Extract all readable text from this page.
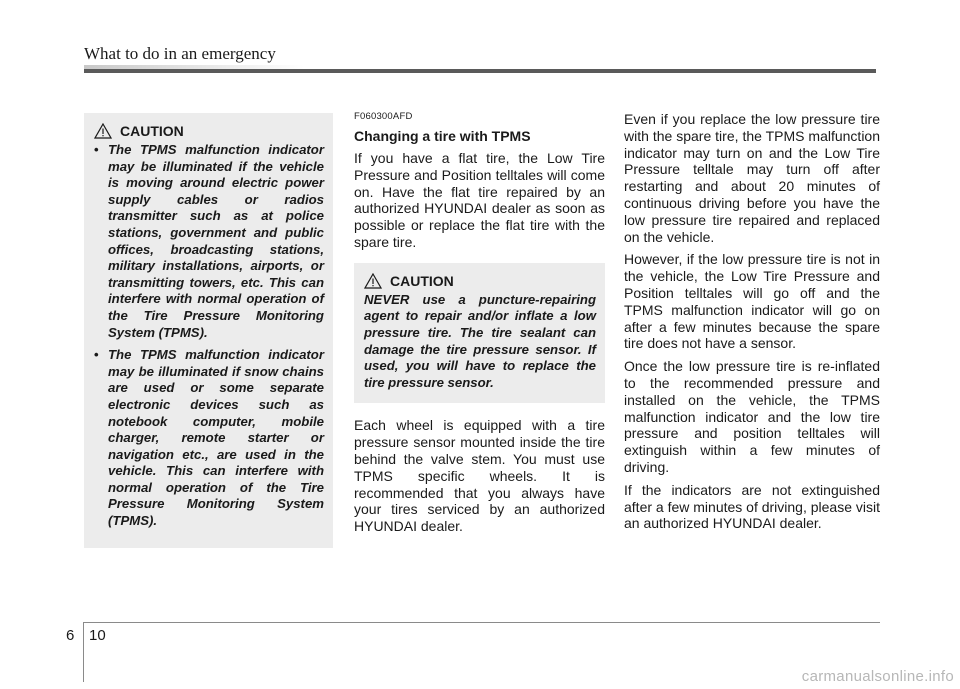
What to do in an emergency
CAUTION
• The TPMS malfunction indicator may be illuminated if the vehicle is moving around electric power supply cables or radios transmitter such as at police stations, government and public offices, broadcasting stations, military installations, airports, or transmitting towers, etc. This can interfere with normal operation of the Tire Pressure Monitoring System (TPMS).
• The TPMS malfunction indicator may be illuminated if snow chains are used or some separate electronic devices such as notebook computer, mobile charger, remote starter or navigation etc., are used in the vehicle. This can interfere with normal operation of the Tire Pressure Monitoring System (TPMS).
F060300AFD
Changing a tire with TPMS

If you have a flat tire, the Low Tire Pressure and Position telltales will come on. Have the flat tire repaired by an authorized HYUNDAI dealer as soon as possible or replace the flat tire with the spare tire.

CAUTION
NEVER use a puncture-repairing agent to repair and/or inflate a low pressure tire. The tire sealant can damage the tire pressure sensor. If used, you will have to replace the tire pressure sensor.

Each wheel is equipped with a tire pressure sensor mounted inside the tire behind the valve stem. You must use TPMS specific wheels. It is recommended that you always have your tires serviced by an authorized HYUNDAI dealer.

Even if you replace the low pressure tire with the spare tire, the TPMS malfunction indicator may turn on and the Low Tire Pressure telltale may turn off after restarting and about 20 minutes of continuous driving before you have the low pressure tire repaired and replaced on the vehicle.

However, if the low pressure tire is not in the vehicle, the Low Tire Pressure and Position telltales will go off and the TPMS malfunction indicator will go on after a few minutes because the spare tire does not have a sensor.

Once the low pressure tire is re-inflated to the recommended pressure and installed on the vehicle, the TPMS malfunction indicator and the low tire pressure and position telltales will extinguish within a few minutes of driving.

If the indicators are not extinguished after a few minutes of driving, please visit an authorized HYUNDAI dealer.

6 10
carmanualsonline.info
